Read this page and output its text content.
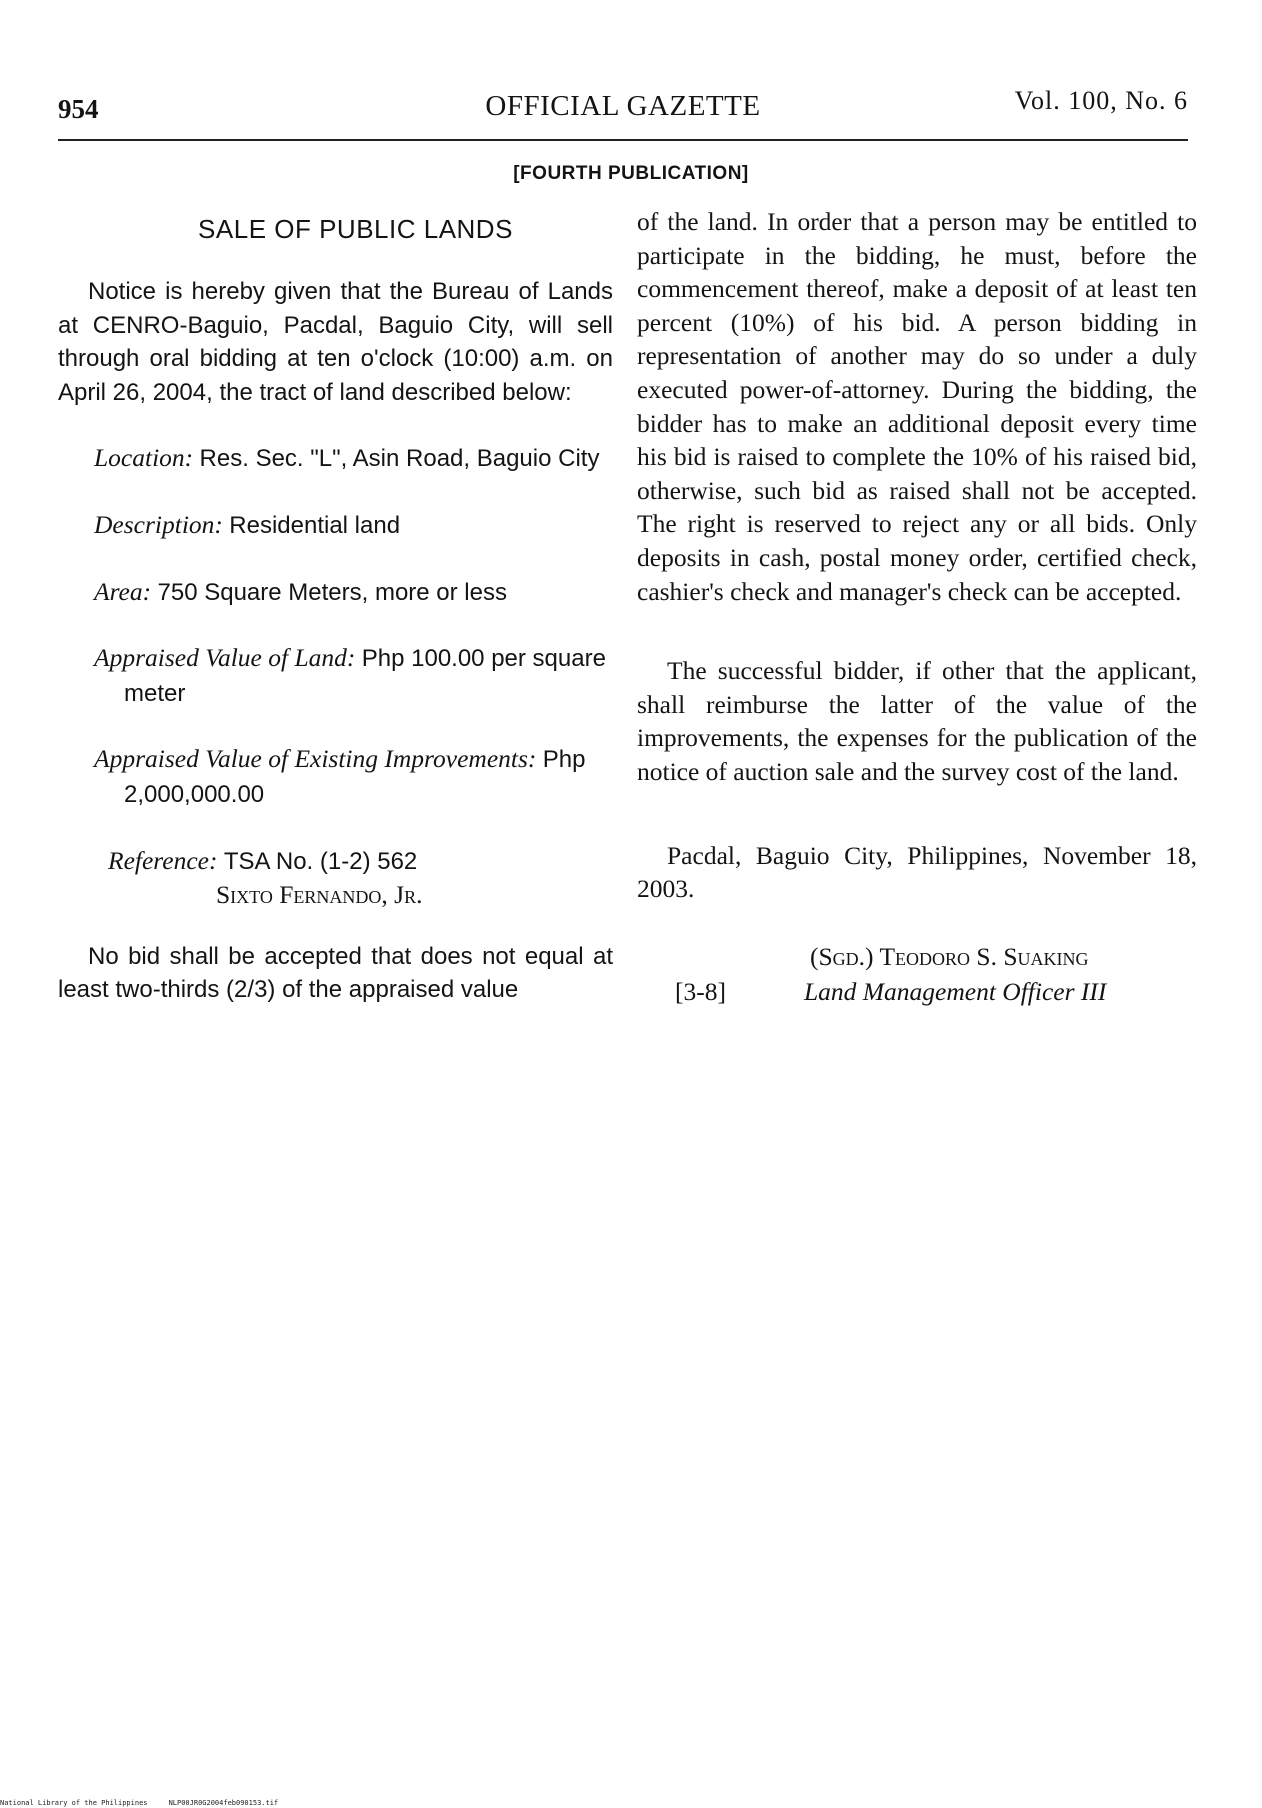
954	OFFICIAL GAZETTE	Vol. 100, No. 6
[FOURTH PUBLICATION]
SALE OF PUBLIC LANDS

Notice is hereby given that the Bureau of Lands at CENRO-Baguio, Pacdal, Baguio City, will sell through oral bidding at ten o'clock (10:00) a.m. on April 26, 2004, the tract of land described below:

Location: Res. Sec. "L", Asin Road, Baguio City

Description: Residential land

Area: 750 Square Meters, more or less

Appraised Value of Land: Php 100.00 per square meter

Appraised Value of Existing Improvements: Php 2,000,000.00

Reference: TSA No. (1-2) 562

Sixto Fernando, Jr.

No bid shall be accepted that does not equal at least two-thirds (2/3) of the appraised value

of the land. In order that a person may be entitled to participate in the bidding, he must, before the commencement thereof, make a deposit of at least ten percent (10%) of his bid. A person bidding in representation of another may do so under a duly executed power-of-attorney. During the bidding, the bidder has to make an additional deposit every time his bid is raised to complete the 10% of his raised bid, otherwise, such bid as raised shall not be accepted. The right is reserved to reject any or all bids. Only deposits in cash, postal money order, certified check, cashier's check and manager's check can be accepted.

The successful bidder, if other that the applicant, shall reimburse the latter of the value of the improvements, the expenses for the publication of the notice of auction sale and the survey cost of the land.

Pacdal, Baguio City, Philippines, November 18, 2003.

(Sgd.) Teodoro S. Suaking
[3-8]	Land Management Officer III
National Library of the Philippines     NLP00JR0G2004feb090153.tif
